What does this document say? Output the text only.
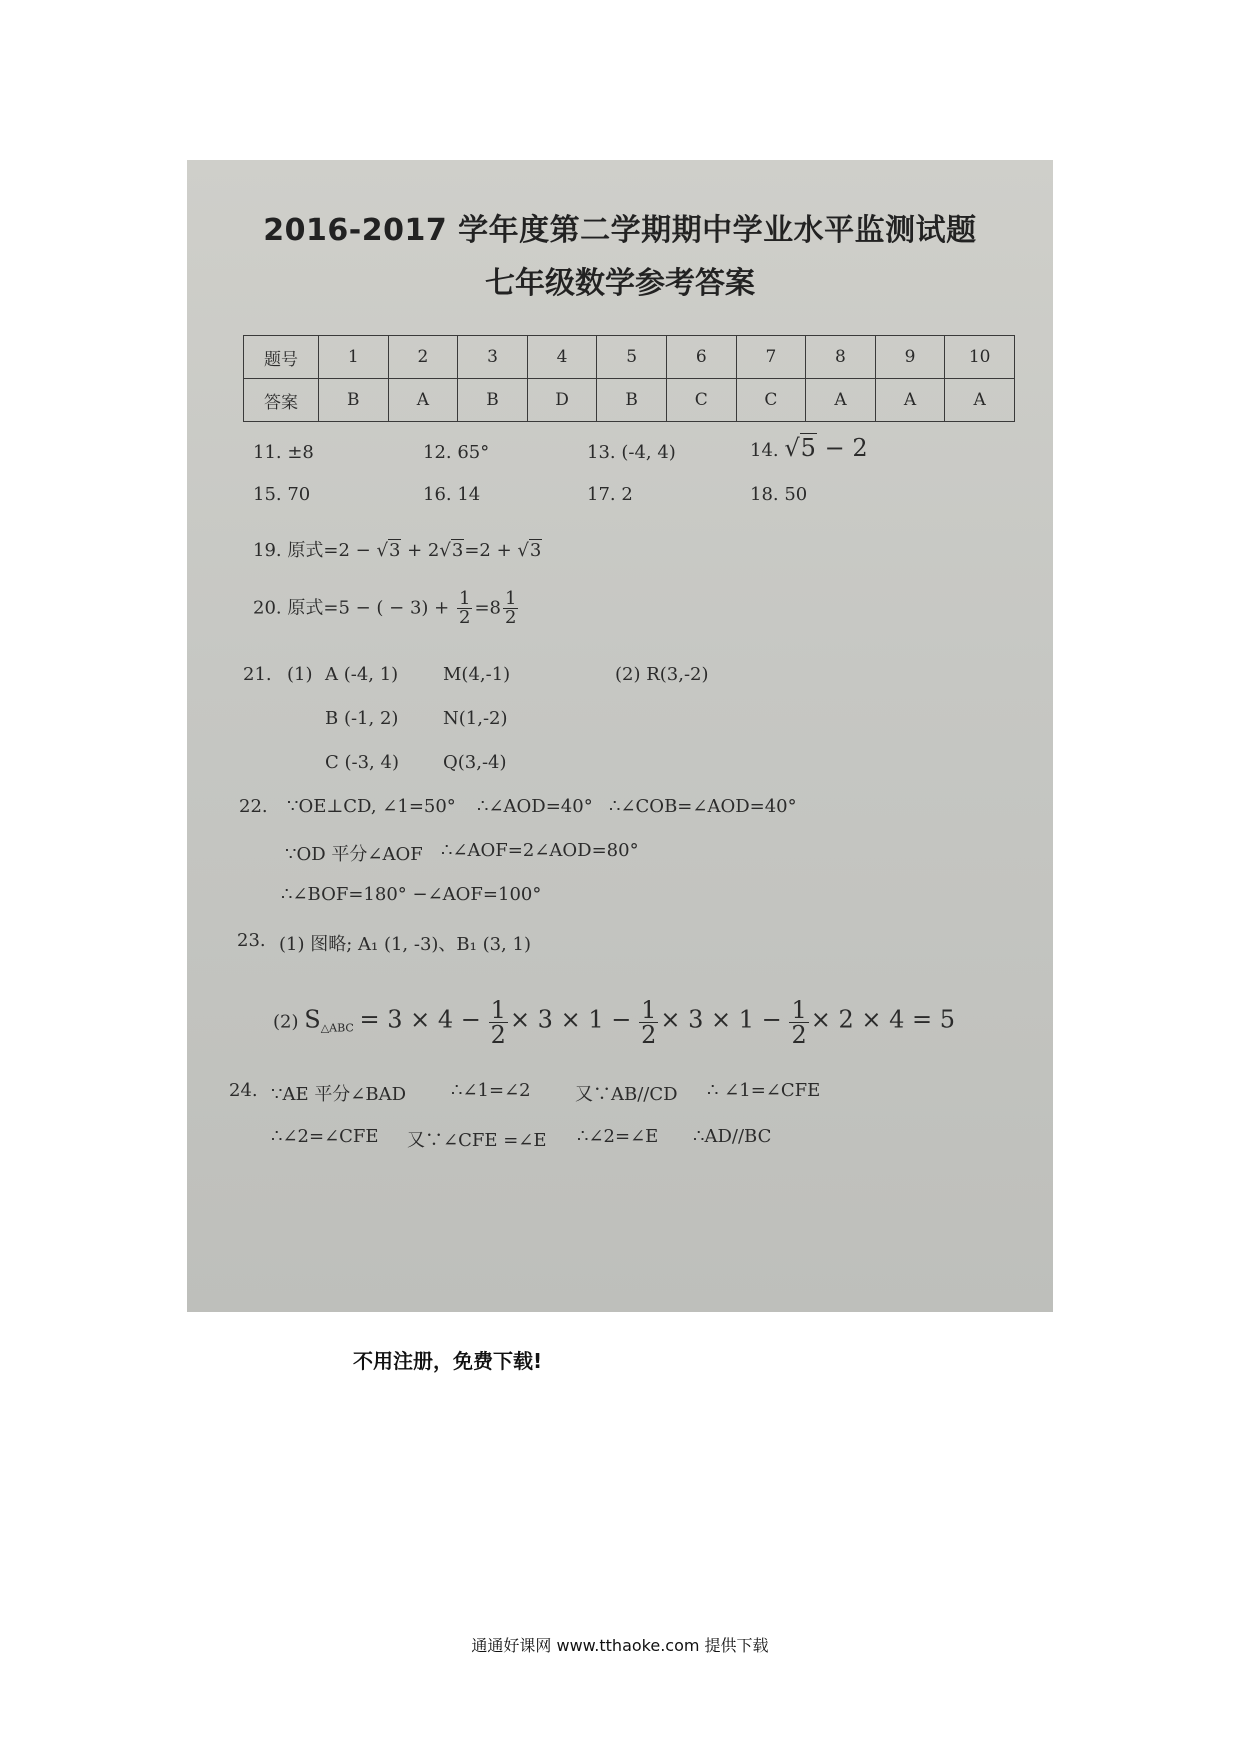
2016-2017 学年度第二学期期中学业水平监测试题
七年级数学参考答案
题号	1	2	3	4	5	6	7	8	9	10
答案	B	A	B	D	B	C	C	A	A	A
11. ±8	12. 65°	13. (-4, 4)	14. √5 − 2
15. 70	16. 14	17. 2	18. 50
19. 原式=2 − √3 + 2√3=2 + √3
20. 原式=5 − ( − $3) + \frac{1}{2} =8 \frac{1}{2}$
21. (1) A (-4, 1) M(4,-1)	(2) R(3,-2)
B (-1, 2) N(1,-2)
C (-3, 4) Q(3,-4)
22. ∵OE⊥CD, ∠1=50° ∴∠AOD=40° ∴∠COB=∠AOD=40°
∵OD 平分∠AOF ∴∠AOF=2∠AOD=80°
∴∠BOF=180° −∠AOF=100°
23. (1) 图略; A₁ (1, -3)、B₁ (3, 1)
(2) $S_{\triangle ABC} = 3 \times 4 - \frac{1}{2} \times 3 \times 1 - \frac{1}{2} \times 3 \times 1 - \frac{1}{2} \times 2 \times 4 = 5$
24. ∵AE 平分∠BAD ∴∠1=∠2 又∵AB//CD ∴ ∠1=∠CFE
∴∠2=∠CFE 又∵∠CFE =∠E ∴∠2=∠E ∴AD//BC
不用注册，免费下载!
通通好课网 www.tthaoke.com 提供下载
